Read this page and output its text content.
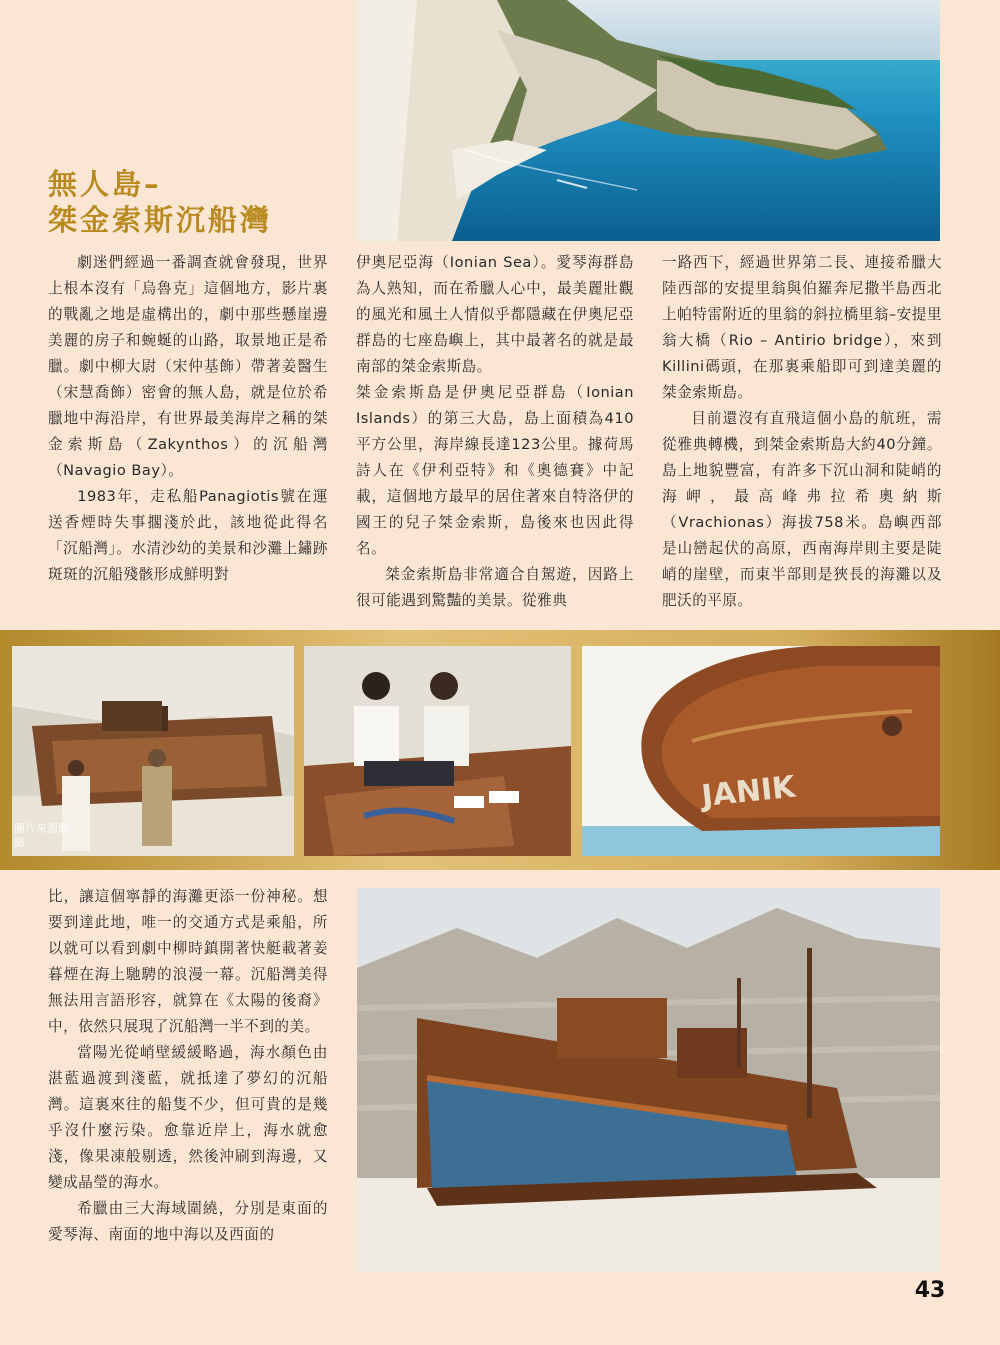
無人島–
桀金索斯沉船灣

劇迷們經過一番調查就會發現，世界上根本沒有「烏魯克」這個地方，影片裏的戰亂之地是虛構出的，劇中那些懸崖邊美麗的房子和蜿蜒的山路，取景地正是希臘。劇中柳大尉（宋仲基飾）帶著姜醫生（宋慧喬飾）密會的無人島，就是位於希臘地中海沿岸，有世界最美海岸之稱的桀金索斯島（Zakynthos）的沉船灣（Navagio Bay）。

1983年，走私船Panagiotis號在運送香煙時失事擱淺於此，該地從此得名「沉船灣」。水清沙幼的美景和沙灘上鏽跡斑斑的沉船殘骸形成鮮明對

伊奧尼亞海（Ionian Sea）。愛琴海群島為人熟知，而在希臘人心中，最美麗壯觀的風光和風土人情似乎都隱藏在伊奧尼亞群島的七座島嶼上，其中最著名的就是最南部的桀金索斯島。

桀金索斯島是伊奧尼亞群島（Ionian Islands）的第三大島，島上面積為410平方公里，海岸線長達123公里。據荷馬詩人在《伊利亞特》和《奧德賽》中記載，這個地方最早的居住著來自特洛伊的國王的兒子桀金索斯，島後來也因此得名。

桀金索斯島非常適合自駕遊，因路上很可能遇到驚豔的美景。從雅典

一路西下，經過世界第二長、連接希臘大陸西部的安提里翁與伯羅奔尼撒半島西北上帕特雷附近的里翁的斜拉橋里翁–安提里翁大橋（Rio – Antirio bridge），來到Killini碼頭，在那裏乘船即可到達美麗的桀金索斯島。

目前還沒有直飛這個小島的航班，需從雅典轉機，到桀金索斯島大約40分鐘。島上地貌豐富，有許多下沉山洞和陡峭的海岬，最高峰弗拉希奧納斯（Vrachionas）海拔758米。島嶼西部是山巒起伏的高原，西南海岸則主要是陡峭的崖壁，而東半部則是狹長的海灘以及肥沃的平原。

圖片來源網絡
JANIK

比，讓這個寧靜的海灘更添一份神秘。想要到達此地，唯一的交通方式是乘船，所以就可以看到劇中柳時鎮開著快艇載著姜暮煙在海上馳騁的浪漫一幕。沉船灣美得無法用言語形容，就算在《太陽的後裔》中，依然只展現了沉船灣一半不到的美。

當陽光從峭壁緩緩略過，海水顏色由湛藍過渡到淺藍，就抵達了夢幻的沉船灣。這裏來往的船隻不少，但可貴的是幾乎沒什麼污染。愈靠近岸上，海水就愈淺，像果凍般剔透，然後沖刷到海邊，又變成晶瑩的海水。

希臘由三大海域圍繞，分別是東面的愛琴海、南面的地中海以及西面的

43
